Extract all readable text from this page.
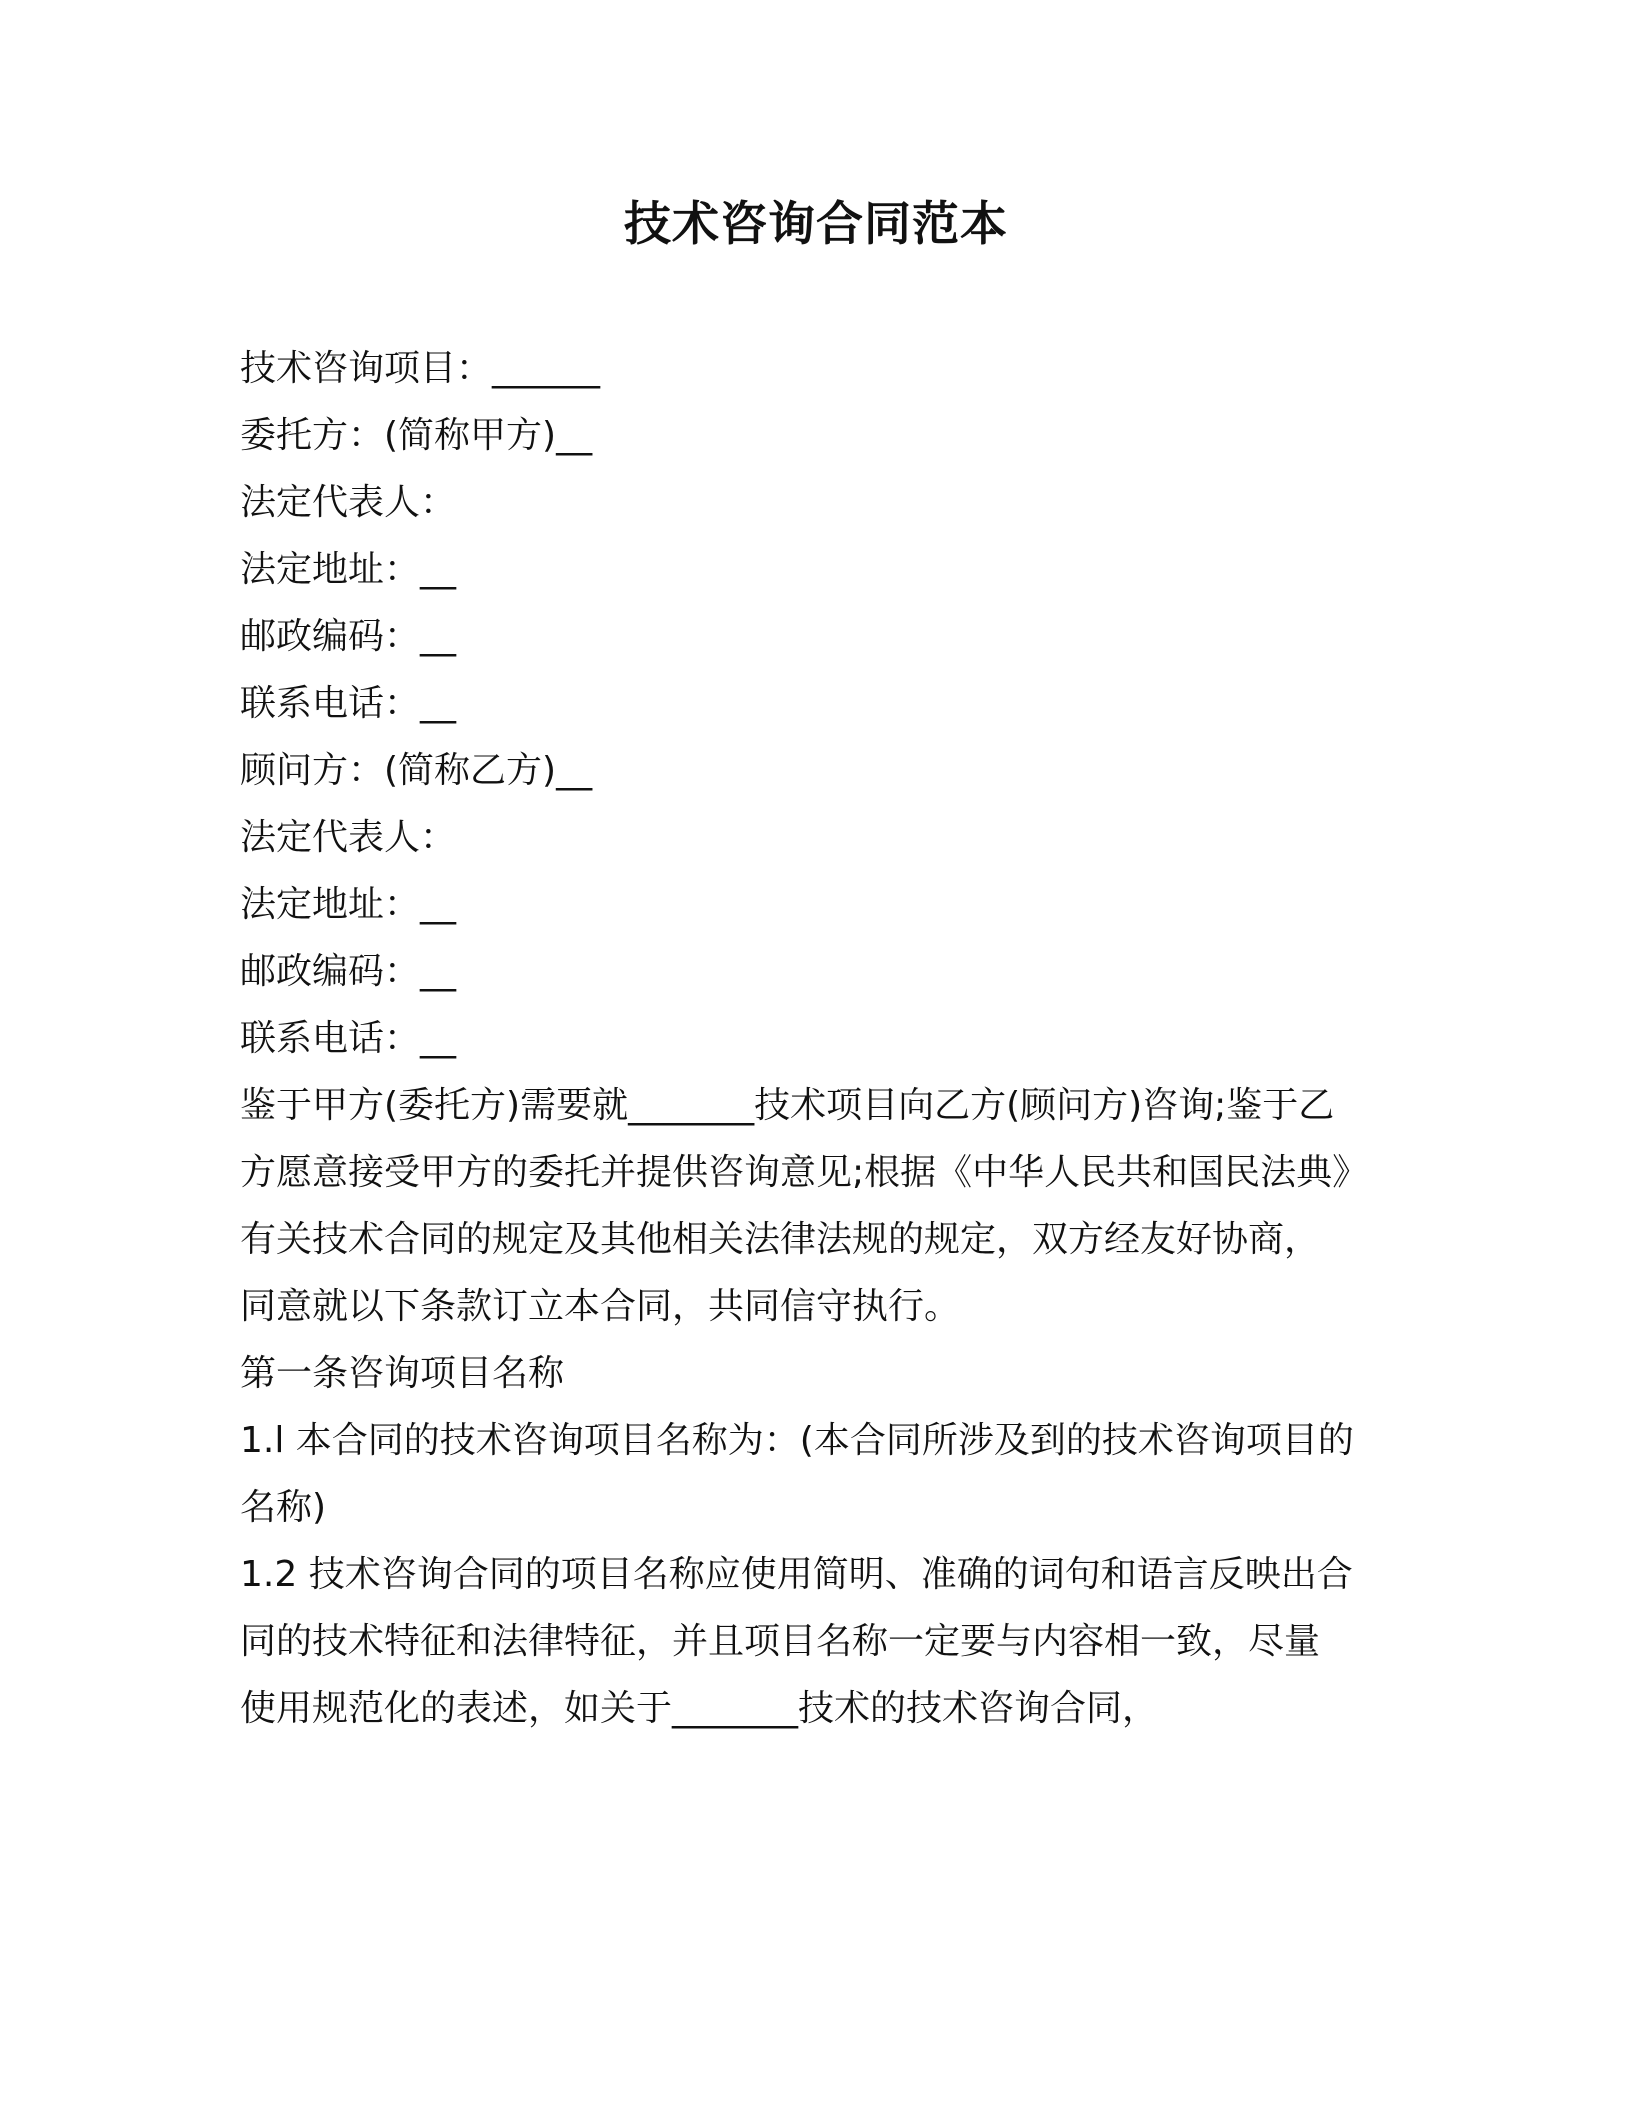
技术咨询合同范本
技术咨询项目：______
委托方：(简称甲方)__
法定代表人：
法定地址：__
邮政编码：__
联系电话：__
顾问方：(简称乙方)__
法定代表人：
法定地址：__
邮政编码：__
联系电话：__
鉴于甲方(委托方)需要就_______技术项目向乙方(顾问方)咨询;鉴于乙
方愿意接受甲方的委托并提供咨询意见;根据《中华人民共和国民法典》
有关技术合同的规定及其他相关法律法规的规定，双方经友好协商，
同意就以下条款订立本合同，共同信守执行。
第一条咨询项目名称
1.l 本合同的技术咨询项目名称为：(本合同所涉及到的技术咨询项目的
名称)
1.2 技术咨询合同的项目名称应使用简明、准确的词句和语言反映出合
同的技术特征和法律特征，并且项目名称一定要与内容相一致，尽量
使用规范化的表述，如关于_______技术的技术咨询合同，
